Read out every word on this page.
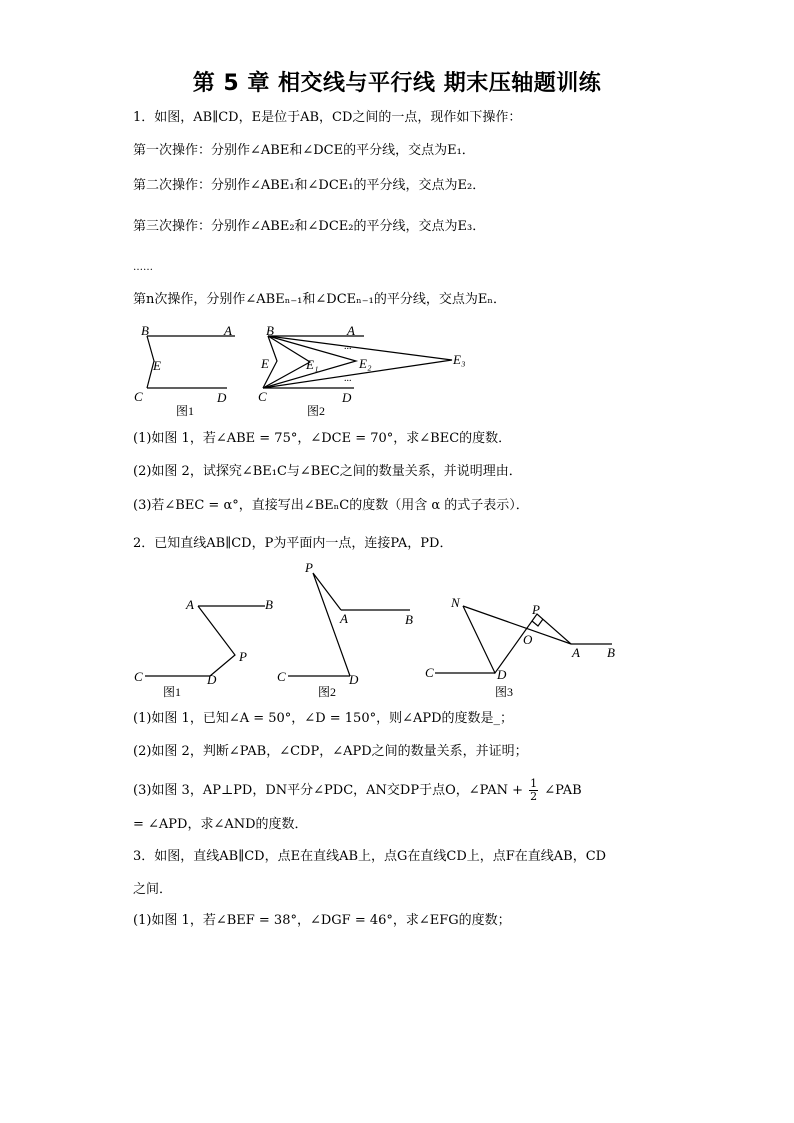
第 5 章 相交线与平行线 期末压轴题训练
1．如图，AB∥CD，E是位于AB，CD之间的一点，现作如下操作：
第一次操作：分别作∠ABE和∠DCE的平分线，交点为E₁．
第二次操作：分别作∠ABE₁和∠DCE₁的平分线，交点为E₂．
第三次操作：分别作∠ABE₂和∠DCE₂的平分线，交点为E₃．
……
第n次操作，分别作∠ABEₙ₋₁和∠DCEₙ₋₁的平分线，交点为Eₙ．
B	A
E
C	D
图1
B	A
...
E	E₁	E₂	E₃
...
C	D
图2
(1)如图 1，若∠ABE = 75°，∠DCE = 70°，求∠BEC的度数．
(2)如图 2，试探究∠BE₁C与∠BEC之间的数量关系，并说明理由．
(3)若∠BEC = α°，直接写出∠BEₙC的度数（用含 α 的式子表示）．
2．已知直线AB∥CD，P为平面内一点，连接PA，PD．
A	B
P
C	D
图1
P
A	B
C	D
图2
N	P
O
A B
C	D
图3
(1)如图 1，已知∠A = 50°，∠D = 150°，则∠APD的度数是_；
(2)如图 2，判断∠PAB，∠CDP，∠APD之间的数量关系，并证明；
(3)如图 3，AP⊥PD，DN平分∠PDC，AN交DP于点O，∠PAN + $\frac{1}{2}$ ∠PAB
= ∠APD，求∠AND的度数．
3．如图，直线AB∥CD，点E在直线AB上，点G在直线CD上，点F在直线AB，CD
之间．
(1)如图 1，若∠BEF = 38°，∠DGF = 46°，求∠EFG的度数；
